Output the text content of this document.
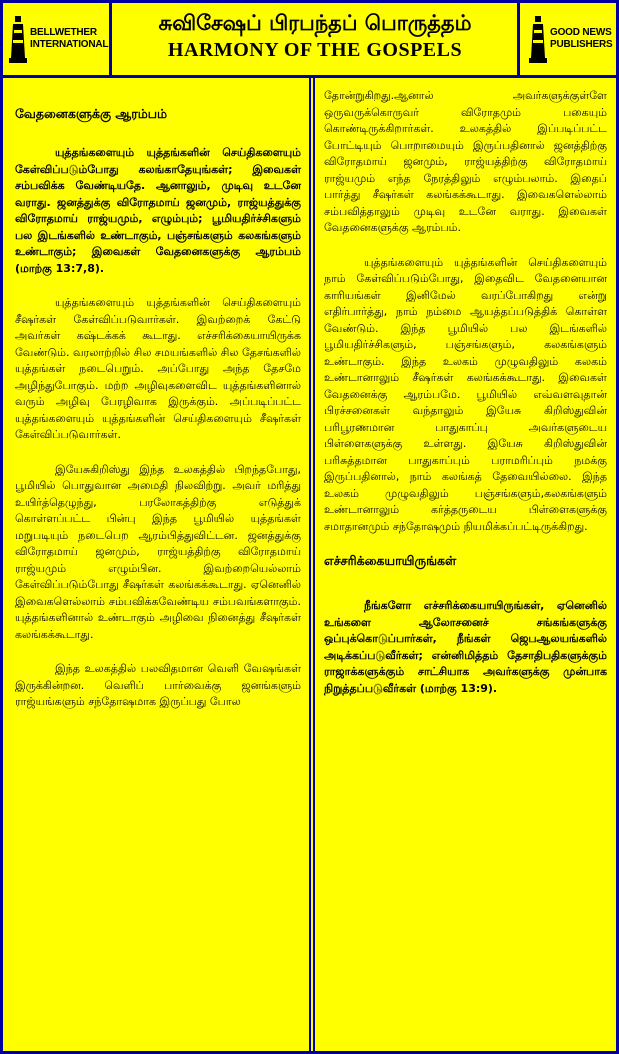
BELLWETHER
INTERNATIONAL
சுவிசேஷப் பிரபந்தப் பொருத்தம்
HARMONY OF THE GOSPELS
GOOD NEWS
PUBLISHERS
வேதனைகளுக்கு ஆரம்பம்

யுத்தங்களையும் யுத்தங்களின் செய்திகளையும் கேள்விப்படும்போது கலங்காதேயுங்கள்; இவைகள் சம்பவிக்க வேண்டியதே. ஆனாலும், முடிவு உடனே வராது. ஜனத்துக்கு விரோதமாய் ஜனமும், ராஜ்யத்துக்கு விரோதமாய் ராஜ்யமும், எழும்பும்; பூமியதிர்ச்சிகளும் பல இடங்களில் உண்டாகும், பஞ்சங்களும் கலகங்களும் உண்டாகும்; இவைகள் வேதனைகளுக்கு ஆரம்பம் (மாற்கு 13:7,8).

யுத்தங்களையும் யுத்தங்களின் செய்திகளையும் சீஷர்கள் கேள்விப்படுவார்கள். இவற்றைக் கேட்டு அவர்கள் கஷ்டக்கக் கூடாது. எச்சரிக்கையாயிருக்க வேண்டும். வரலாற்றில் சில சமயங்களில் சில தேசங்களில் யுத்தங்கள் நடைபெறும். அப்போது அந்த தேசமே அழிந்துபோகும். மற்ற அழிவுகளைவிட யுத்தங்களினால் வரும் அழிவு பேரழிவாக இருக்கும். அப்படிப்பட்ட யுத்தங்களையும் யுத்தங்களின் செய்திகளையும் சீஷர்கள் கேள்விப்படுவார்கள்.

இயேசுகிறிஸ்து இந்த உலகத்தில் பிறந்தபோது, பூமியில் பொதுவான அமைதி நிலவிற்று. அவர் மரித்து உயிர்த்தெழுந்து, பரலோகத்திற்கு எடுத்துக் கொள்ளப்பட்ட பின்பு இந்த பூமியில் யுத்தங்கள் மறுபடியும் நடைபெற ஆரம்பித்துவிட்டன. ஜனத்துக்கு விரோதமாய் ஜனமும், ராஜ்யத்திற்கு விரோதமாய் ராஜ்யமும் எழும்பின. இவற்றையெல்லாம் கேள்விப்படும்போது சீஷர்கள் கலங்கக்கூடாது. ஏனெனில் இவைகளெல்லாம் சம்பவிக்கவேண்டிய சம்பவங்களாகும். யுத்தங்களினால் உண்டாகும் அழிவை நினைத்து சீஷர்கள் கலங்கக்கூடாது.

இந்த உலகத்தில் பலவிதமான வெளி வேஷங்கள் இருக்கின்றன. வெளிப் பார்வைக்கு ஜனங்களும் ராஜ்யங்களும் சந்தோஷமாக இருப்பது போல

தோன்றுகிறது.ஆனால் அவர்களுக்குள்ளே ஒருவருக்கொருவர் விரோதமும் பகையும் கொண்டிருக்கிறார்கள். உலகத்தில் இப்படிப்பட்ட போட்டியும் பொறாமையும் இருப்பதினால் ஜனத்திற்கு விரோதமாய் ஜனமும், ராஜ்யத்திற்கு விரோதமாய் ராஜ்யமும் எந்த நேரத்திலும் எழும்பலாம். இதைப் பார்த்து சீஷர்கள் கலங்கக்கூடாது. இவைகளெல்லாம் சம்பவித்தாலும் முடிவு உடனே வராது. இவைகள் வேதனைகளுக்கு ஆரம்பம்.

யுத்தங்களையும் யுத்தங்களின் செய்திகளையும் நாம் கேள்விப்படும்போது, இதைவிட வேதனையான காரியங்கள் இனிமேல் வரப்போகிறது என்று எதிர்பார்த்து, நாம் நம்மை ஆயத்தப்படுத்திக் கொள்ள வேண்டும். இந்த பூமியில் பல இடங்களில் பூமியதிர்ச்சிகளும், பஞ்சங்களும், கலகங்களும் உண்டாகும். இந்த உலகம் முழுவதிலும் கலகம் உண்டானாலும் சீஷர்கள் கலங்கக்கூடாது. இவைகள் வேதனைக்கு ஆரம்பமே. பூமியில் எவ்வளவுதான் பிரச்சனைகள் வந்தாலும் இயேசு கிறிஸ்துவின் பரிபூரணமான பாதுகாப்பு அவர்களுடைய பிள்ளைகளுக்கு உள்ளது. இயேசு கிறிஸ்துவின் பரிசுத்தமான பாதுகாப்பும் பராமரிப்பும் நமக்கு இருப்பதினால், நாம் கலங்கத் தேவையில்லை. இந்த உலகம் முழுவதிலும் பஞ்சங்களும்,கலகங்களும் உண்டானாலும் கர்த்தருடைய பிள்ளைகளுக்கு சமாதானமும் சந்தோஷமும் நியமிக்கப்பட்டிருக்கிறது.

எச்சரிக்கையாயிருங்கள்

நீங்களோ எச்சரிக்கையாயிருங்கள், ஏனெனில் உங்களை ஆலோசனைச் சங்கங்களுக்கு ஒப்புக்கொடுப்பார்கள், நீங்கள் ஜெபஆலயங்களில் அடிக்கப்படுவீர்கள்; என்னிமித்தம் தேசாதிபதிகளுக்கும் ராஜாக்களுக்கும் சாட்சியாக அவர்களுக்கு முன்பாக நிறுத்தப்படுவீர்கள் (மாற்கு 13:9).
